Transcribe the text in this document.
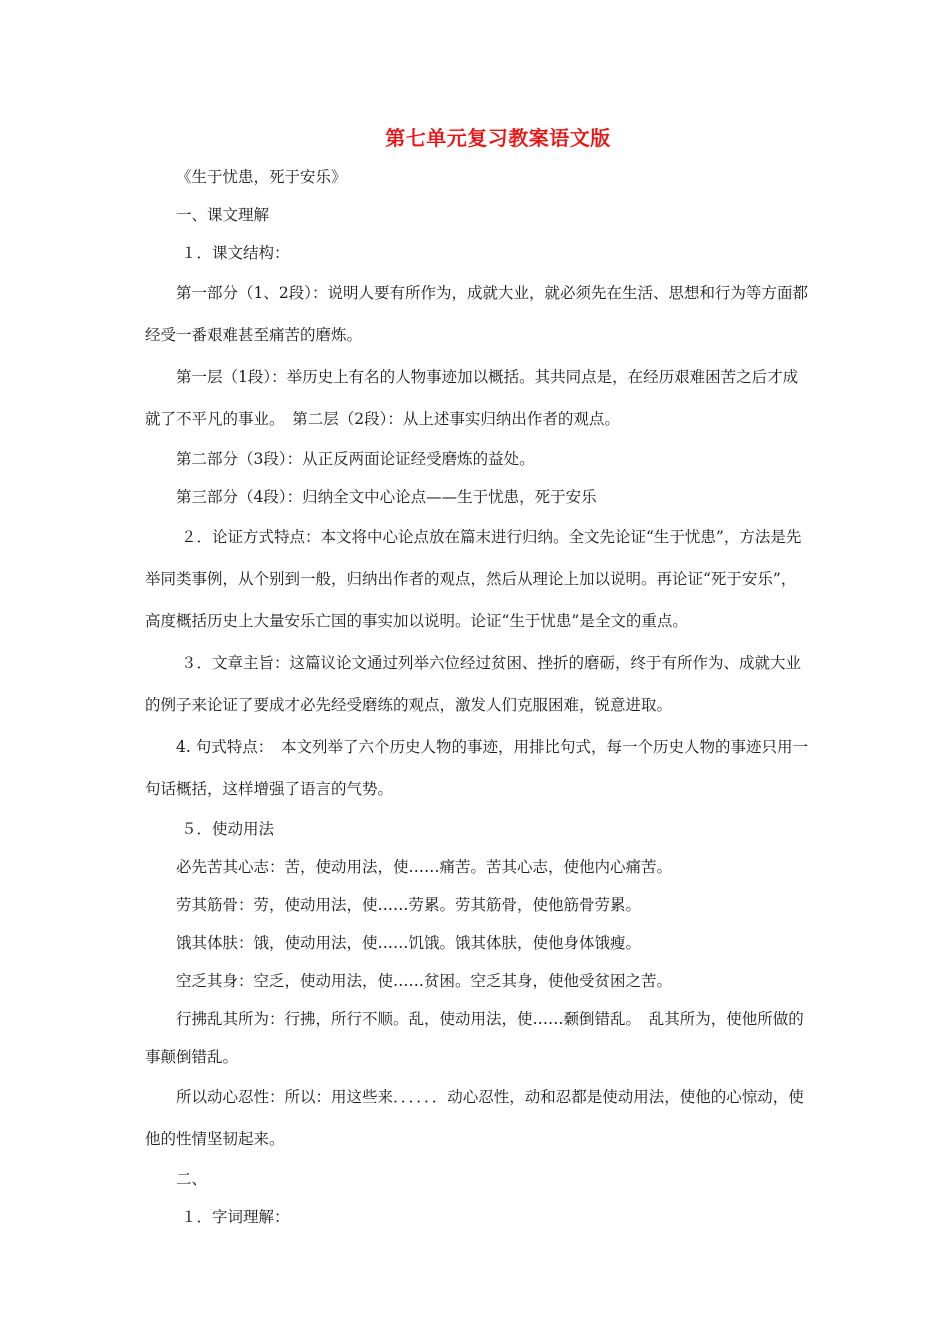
第七单元复习教案语文版

《生于忧患，死于安乐》

一、课文理解

１．课文结构：

第一部分（1、2段）：说明人要有所作为，成就大业，就必须先在生活、思想和行为等方面都经受一番艰难甚至痛苦的磨炼。

第一层（1段）：举历史上有名的人物事迹加以概括。其共同点是，在经历艰难困苦之后才成就了不平凡的事业。　第二层（2段）：从上述事实归纳出作者的观点。

第二部分（3段）：从正反两面论证经受磨炼的益处。

第三部分（4段）：归纳全文中心论点——生于忧患，死于安乐

２．论证方式特点：本文将中心论点放在篇末进行归纳。全文先论证“生于忧患”，方法是先举同类事例，从个别到一般，归纳出作者的观点，然后从理论上加以说明。再论证“死于安乐”，高度概括历史上大量安乐亡国的事实加以说明。论证“生于忧患”是全文的重点。

３．文章主旨：这篇议论文通过列举六位经过贫困、挫折的磨砺，终于有所作为、成就大业的例子来论证了要成才必先经受磨练的观点，激发人们克服困难，锐意进取。

4. 句式特点：　本文列举了六个历史人物的事迹，用排比句式，每一个历史人物的事迹只用一句话概括，这样增强了语言的气势。

５．使动用法

必先苦其心志：苦，使动用法，使……痛苦。苦其心志，使他内心痛苦。

劳其筋骨：劳，使动用法，使……劳累。劳其筋骨，使他筋骨劳累。

饿其体肤：饿，使动用法，使……饥饿。饿其体肤，使他身体饿瘦。

空乏其身：空乏，使动用法，使……贫困。空乏其身，使他受贫困之苦。

行拂乱其所为：行拂，所行不顺。乱，使动用法，使……颡倒错乱。　乱其所为，使他所做的事颠倒错乱。

所以动心忍性：所以：用这些来．．．．．．动心忍性，动和忍都是使动用法，使他的心惊动，使他的性情坚韧起来。

二、

１．字词理解：
